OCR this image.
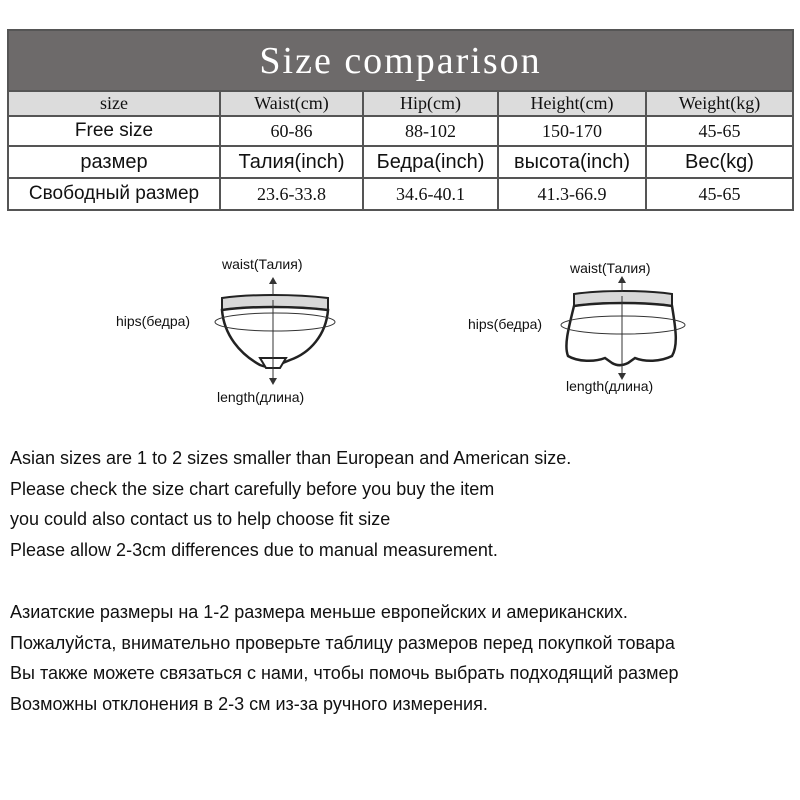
Size comparison
size	Waist(cm)	Hip(cm)	Height(cm)	Weight(kg)
Free size	60-86	88-102	150-170	45-65
размер	Талия(inch)	Бедра(inch)	высота(inch)	Вес(kg)
Свободный размер	23.6-33.8	34.6-40.1	41.3-66.9	45-65
waist(Талия)
hips(бедра)
length(длина)
waist(Талия)
hips(бедра)
length(длина)
Asian sizes are 1 to 2 sizes smaller than European and American size.
Please check the size chart carefully before you buy the item
you could also contact us to help choose fit size
Please allow 2-3cm differences due to manual measurement.
Азиатские размеры на 1-2 размера меньше европейских и американских.
Пожалуйста, внимательно проверьте таблицу размеров перед покупкой товара
Вы также можете связаться с нами, чтобы помочь выбрать подходящий размер
Возможны отклонения в 2-3 см из-за ручного измерения.
